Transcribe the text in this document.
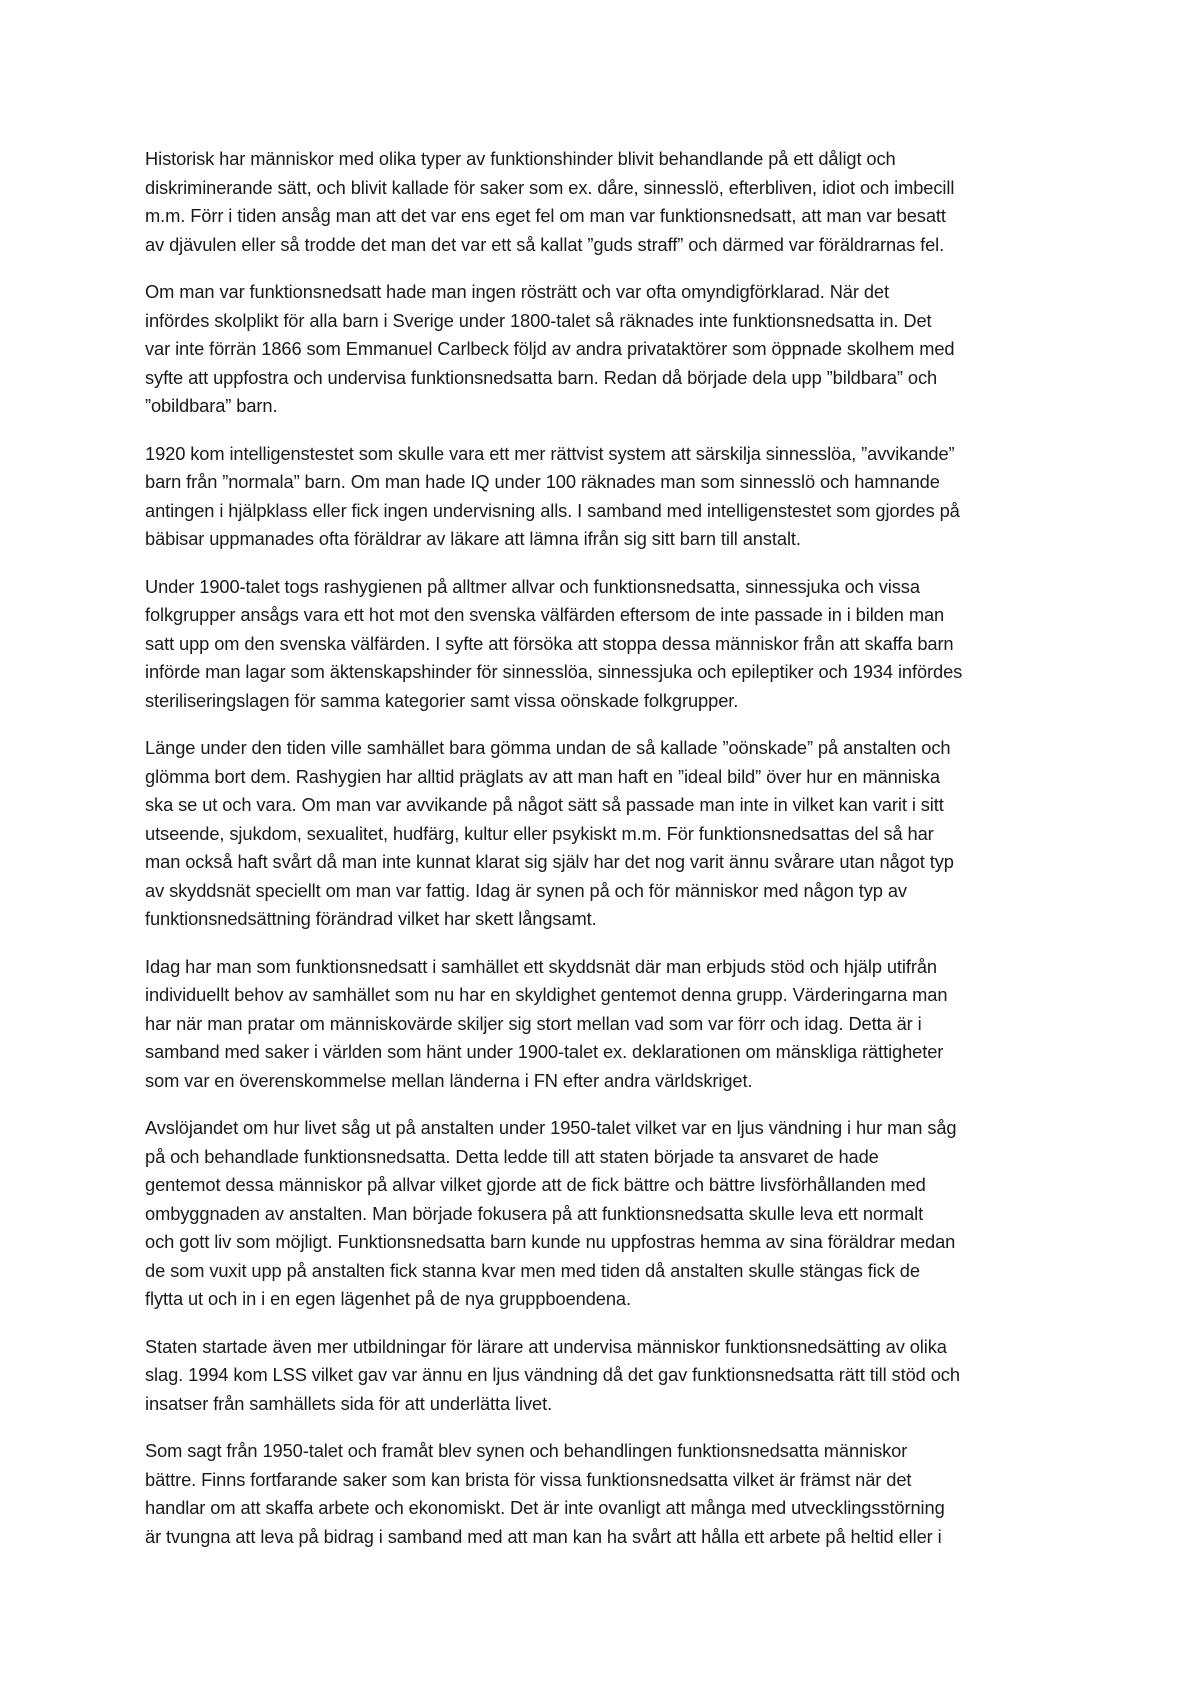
Historisk har människor med olika typer av funktionshinder blivit behandlande på ett dåligt och
diskriminerande sätt, och blivit kallade för saker som ex. dåre, sinnesslö, efterbliven, idiot och imbecill
m.m. Förr i tiden ansåg man att det var ens eget fel om man var funktionsnedsatt, att man var besatt
av djävulen eller så trodde det man det var ett så kallat ”guds straff” och därmed var föräldrarnas fel.

Om man var funktionsnedsatt hade man ingen rösträtt och var ofta omyndigförklarad. När det
infördes skolplikt för alla barn i Sverige under 1800-talet så räknades inte funktionsnedsatta in. Det
var inte förrän 1866 som Emmanuel Carlbeck följd av andra privataktörer som öppnade skolhem med
syfte att uppfostra och undervisa funktionsnedsatta barn. Redan då började dela upp ”bildbara” och
”obildbara” barn.

1920 kom intelligenstestet som skulle vara ett mer rättvist system att särskilja sinnesslöa, ”avvikande”
barn från ”normala” barn. Om man hade IQ under 100 räknades man som sinnesslö och hamnande
antingen i hjälpklass eller fick ingen undervisning alls. I samband med intelligenstestet som gjordes på
bäbisar uppmanades ofta föräldrar av läkare att lämna ifrån sig sitt barn till anstalt.

Under 1900-talet togs rashygienen på alltmer allvar och funktionsnedsatta, sinnessjuka och vissa
folkgrupper ansågs vara ett hot mot den svenska välfärden eftersom de inte passade in i bilden man
satt upp om den svenska välfärden. I syfte att försöka att stoppa dessa människor från att skaffa barn
införde man lagar som äktenskapshinder för sinnesslöa, sinnessjuka och epileptiker och 1934 infördes
steriliseringslagen för samma kategorier samt vissa oönskade folkgrupper.

Länge under den tiden ville samhället bara gömma undan de så kallade ”oönskade” på anstalten och
glömma bort dem. Rashygien har alltid präglats av att man haft en ”ideal bild” över hur en människa
ska se ut och vara. Om man var avvikande på något sätt så passade man inte in vilket kan varit i sitt
utseende, sjukdom, sexualitet, hudfärg, kultur eller psykiskt m.m. För funktionsnedsattas del så har
man också haft svårt då man inte kunnat klarat sig själv har det nog varit ännu svårare utan något typ
av skyddsnät speciellt om man var fattig. Idag är synen på och för människor med någon typ av
funktionsnedsättning förändrad vilket har skett långsamt.

Idag har man som funktionsnedsatt i samhället ett skyddsnät där man erbjuds stöd och hjälp utifrån
individuellt behov av samhället som nu har en skyldighet gentemot denna grupp. Värderingarna man
har när man pratar om människovärde skiljer sig stort mellan vad som var förr och idag. Detta är i
samband med saker i världen som hänt under 1900-talet ex. deklarationen om mänskliga rättigheter
som var en överenskommelse mellan länderna i FN efter andra världskriget.

Avslöjandet om hur livet såg ut på anstalten under 1950-talet vilket var en ljus vändning i hur man såg
på och behandlade funktionsnedsatta. Detta ledde till att staten började ta ansvaret de hade
gentemot dessa människor på allvar vilket gjorde att de fick bättre och bättre livsförhållanden med
ombyggnaden av anstalten. Man började fokusera på att funktionsnedsatta skulle leva ett normalt
och gott liv som möjligt. Funktionsnedsatta barn kunde nu uppfostras hemma av sina föräldrar medan
de som vuxit upp på anstalten fick stanna kvar men med tiden då anstalten skulle stängas fick de
flytta ut och in i en egen lägenhet på de nya gruppboendena.

Staten startade även mer utbildningar för lärare att undervisa människor funktionsnedsätting av olika
slag. 1994 kom LSS vilket gav var ännu en ljus vändning då det gav funktionsnedsatta rätt till stöd och
insatser från samhällets sida för att underlätta livet.

Som sagt från 1950-talet och framåt blev synen och behandlingen funktionsnedsatta människor
bättre. Finns fortfarande saker som kan brista för vissa funktionsnedsatta vilket är främst när det
handlar om att skaffa arbete och ekonomiskt. Det är inte ovanligt att många med utvecklingsstörning
är tvungna att leva på bidrag i samband med att man kan ha svårt att hålla ett arbete på heltid eller i
